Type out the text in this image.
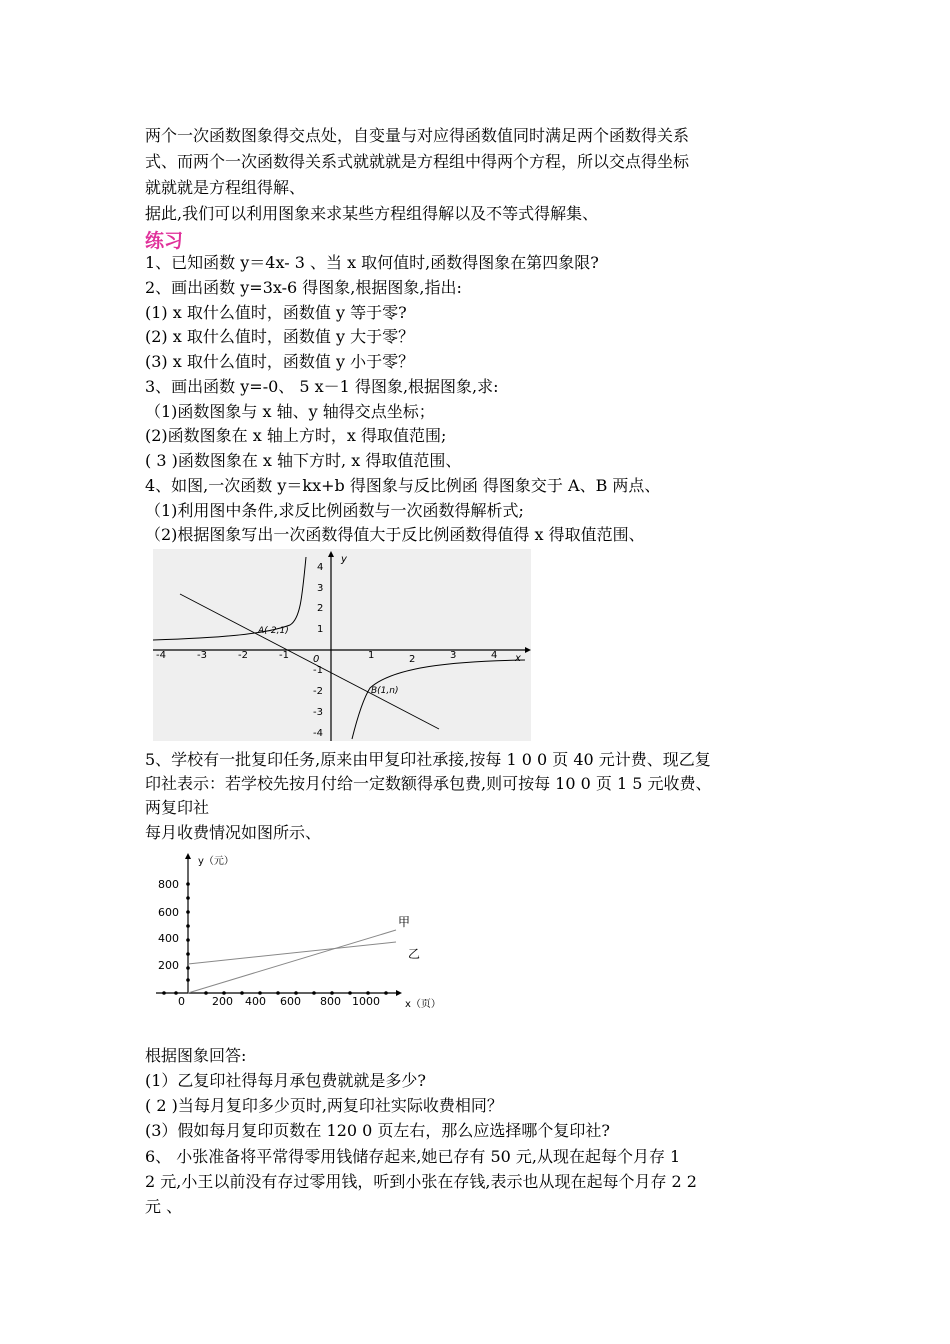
两个一次函数图象得交点处，自变量与对应得函数值同时满足两个函数得关系
式、而两个一次函数得关系式就就就是方程组中得两个方程，所以交点得坐标
就就就是方程组得解、
据此,我们可以利用图象来求某些方程组得解以及不等式得解集、
练习
1、已知函数 y＝4x- 3 、当 x 取何值时,函数得图象在第四象限?
2、画出函数 y=3x-6 得图象,根据图象,指出:
(1) x 取什么值时，函数值 y 等于零?
(2) x 取什么值时，函数值 y 大于零？
(3) x 取什么值时，函数值 y 小于零？
3、画出函数 y=-0、 5 x－1 得图象,根据图象,求:
（1)函数图象与 x 轴、y 轴得交点坐标；
(2)函数图象在 x 轴上方时，x 得取值范围;
( 3 )函数图象在 x 轴下方时, x 得取值范围、
4、如图,一次函数 y＝kx+b 得图象与反比例函 得图象交于 A、B 两点、
（1)利用图中条件,求反比例函数与一次函数得解析式;
（2)根据图象写出一次函数得值大于反比例函数得值得 x 得取值范围、
y
x
-4	-3	-2	-1 0	1	2	3	4
4
3
2
1
-1
-2
-3
-4
A(-2,1)
B(1,n)
5、学校有一批复印任务,原来由甲复印社承接,按每 1 0 0 页 40 元计费、现乙复
印社表示：若学校先按月付给一定数额得承包费,则可按每 10 0 页 1 5 元收费、
两复印社
每月收费情况如图所示、
y（元）
x（页）
800
600
400
200
0 200 400 600 800 1000
甲
乙
根据图象回答:
(1）乙复印社得每月承包费就就是多少?
( 2 )当每月复印多少页时,两复印社实际收费相同？
(3）假如每月复印页数在 120 0 页左右，那么应选择哪个复印社?
6、 小张准备将平常得零用钱储存起来,她已存有 50 元,从现在起每个月存 1
2 元,小王以前没有存过零用钱，听到小张在存钱,表示也从现在起每个月存 2 2
元 、
